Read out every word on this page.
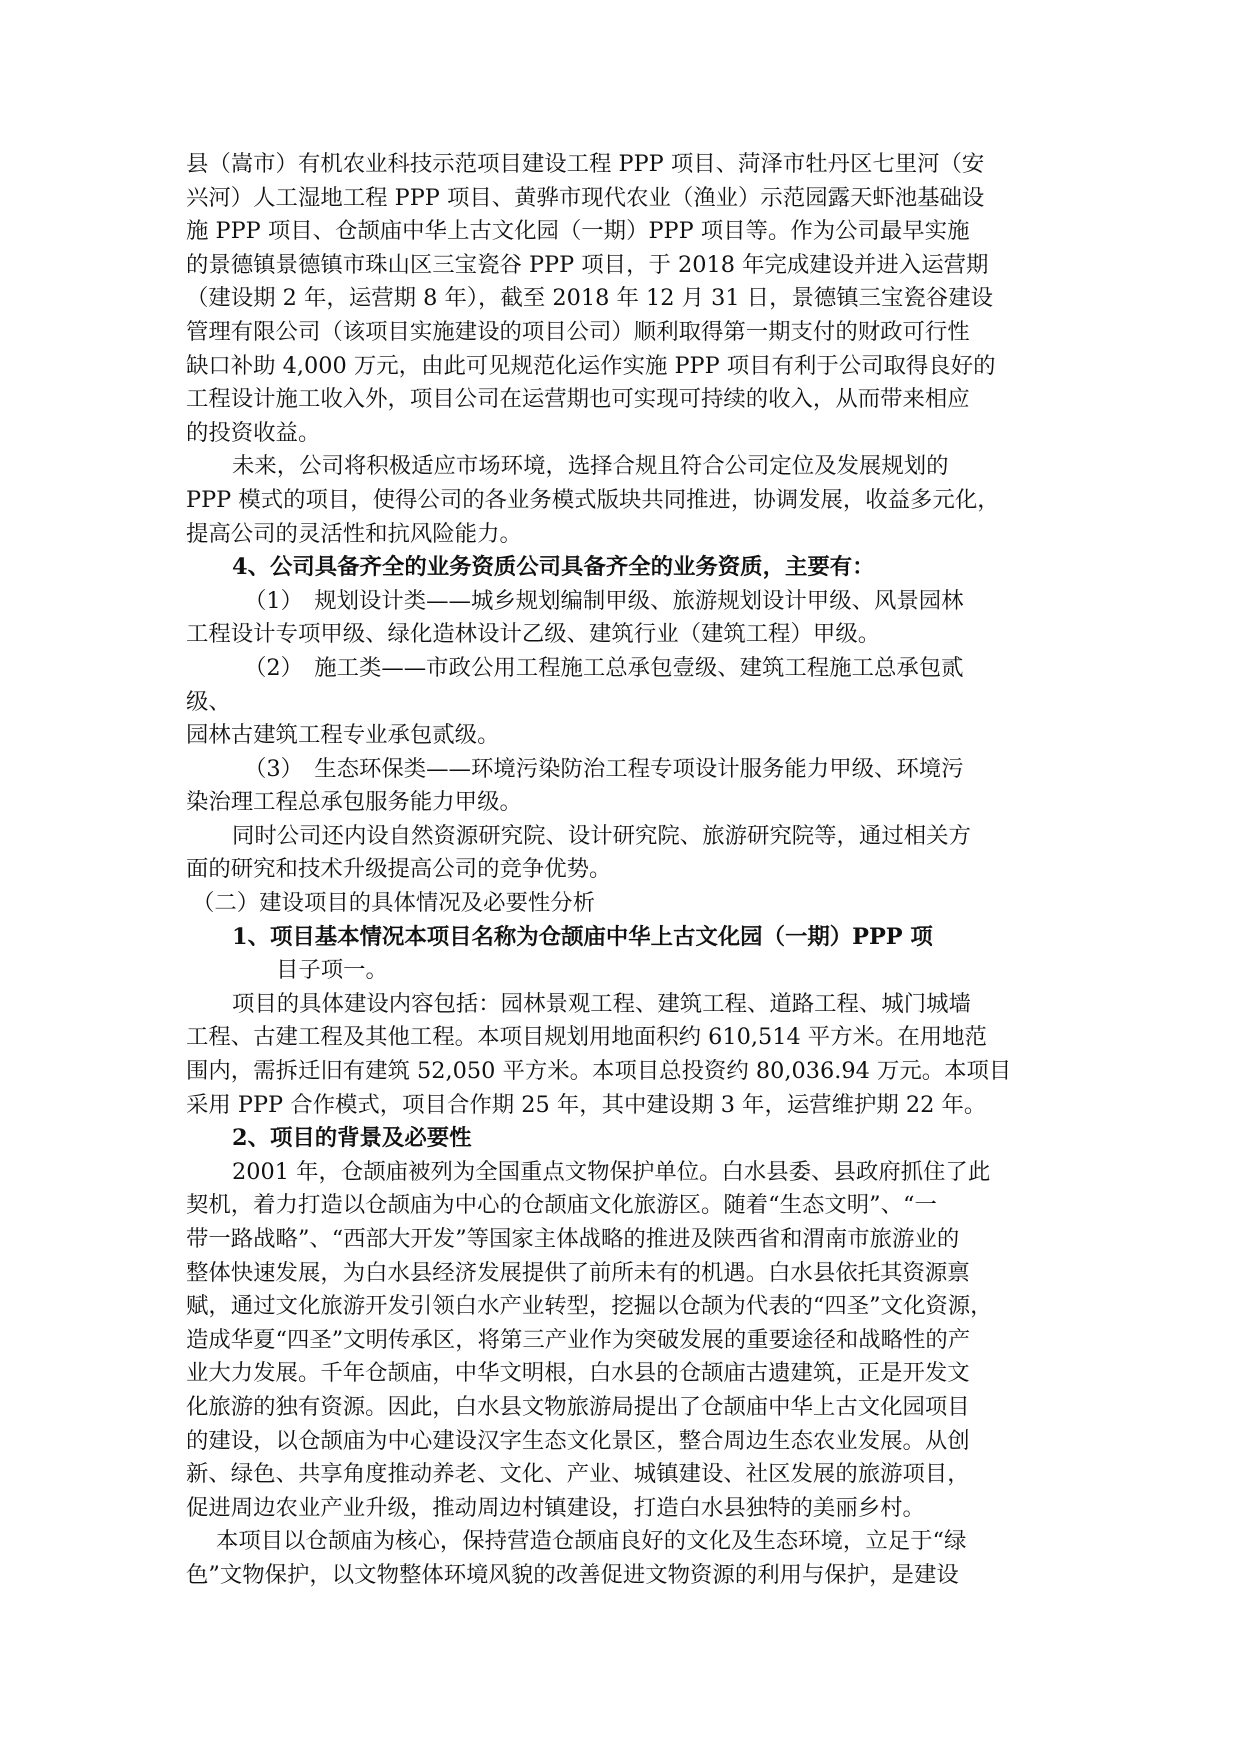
县（嵩市）有机农业科技示范项目建设工程 PPP 项目、菏泽市牡丹区七里河（安
兴河）人工湿地工程 PPP 项目、黄骅市现代农业（渔业）示范园露天虾池基础设
施 PPP 项目、仓颉庙中华上古文化园（一期）PPP 项目等。作为公司最早实施
的景德镇景德镇市珠山区三宝瓷谷 PPP 项目，于 2018 年完成建设并进入运营期
（建设期 2 年，运营期 8 年），截至 2018 年 12 月 31 日，景德镇三宝瓷谷建设
管理有限公司（该项目实施建设的项目公司）顺利取得第一期支付的财政可行性
缺口补助 4,000 万元，由此可见规范化运作实施 PPP 项目有利于公司取得良好的
工程设计施工收入外，项目公司在运营期也可实现可持续的收入，从而带来相应
的投资收益。
未来，公司将积极适应市场环境，选择合规且符合公司定位及发展规划的
PPP 模式的项目，使得公司的各业务模式版块共同推进，协调发展，收益多元化，
提高公司的灵活性和抗风险能力。
4、公司具备齐全的业务资质公司具备齐全的业务资质，主要有：
（1）　规划设计类——城乡规划编制甲级、旅游规划设计甲级、风景园林
工程设计专项甲级、绿化造林设计乙级、建筑行业（建筑工程）甲级。
（2）　施工类——市政公用工程施工总承包壹级、建筑工程施工总承包贰
级、
园林古建筑工程专业承包贰级。
（3）　生态环保类——环境污染防治工程专项设计服务能力甲级、环境污
染治理工程总承包服务能力甲级。
同时公司还内设自然资源研究院、设计研究院、旅游研究院等，通过相关方
面的研究和技术升级提高公司的竞争优势。
（二）建设项目的具体情况及必要性分析
1、项目基本情况本项目名称为仓颉庙中华上古文化园（一期）PPP 项
目子项一。
项目的具体建设内容包括：园林景观工程、建筑工程、道路工程、城门城墙
工程、古建工程及其他工程。本项目规划用地面积约 610,514 平方米。在用地范
围内，需拆迁旧有建筑 52,050 平方米。本项目总投资约 80,036.94 万元。本项目
采用 PPP 合作模式，项目合作期 25 年，其中建设期 3 年，运营维护期 22 年。
2、项目的背景及必要性
2001 年，仓颉庙被列为全国重点文物保护单位。白水县委、县政府抓住了此
契机，着力打造以仓颉庙为中心的仓颉庙文化旅游区。随着“生态文明”、“一
带一路战略”、“西部大开发”等国家主体战略的推进及陕西省和渭南市旅游业的
整体快速发展，为白水县经济发展提供了前所未有的机遇。白水县依托其资源禀
赋，通过文化旅游开发引领白水产业转型，挖掘以仓颉为代表的“四圣”文化资源，
造成华夏“四圣”文明传承区，将第三产业作为突破发展的重要途径和战略性的产
业大力发展。千年仓颉庙，中华文明根，白水县的仓颉庙古遗建筑，正是开发文
化旅游的独有资源。因此，白水县文物旅游局提出了仓颉庙中华上古文化园项目
的建设，以仓颉庙为中心建设汉字生态文化景区，整合周边生态农业发展。从创
新、绿色、共享角度推动养老、文化、产业、城镇建设、社区发展的旅游项目，
促进周边农业产业升级，推动周边村镇建设，打造白水县独特的美丽乡村。
本项目以仓颉庙为核心，保持营造仓颉庙良好的文化及生态环境，立足于“绿
色”文物保护，以文物整体环境风貌的改善促进文物资源的利用与保护，是建设
